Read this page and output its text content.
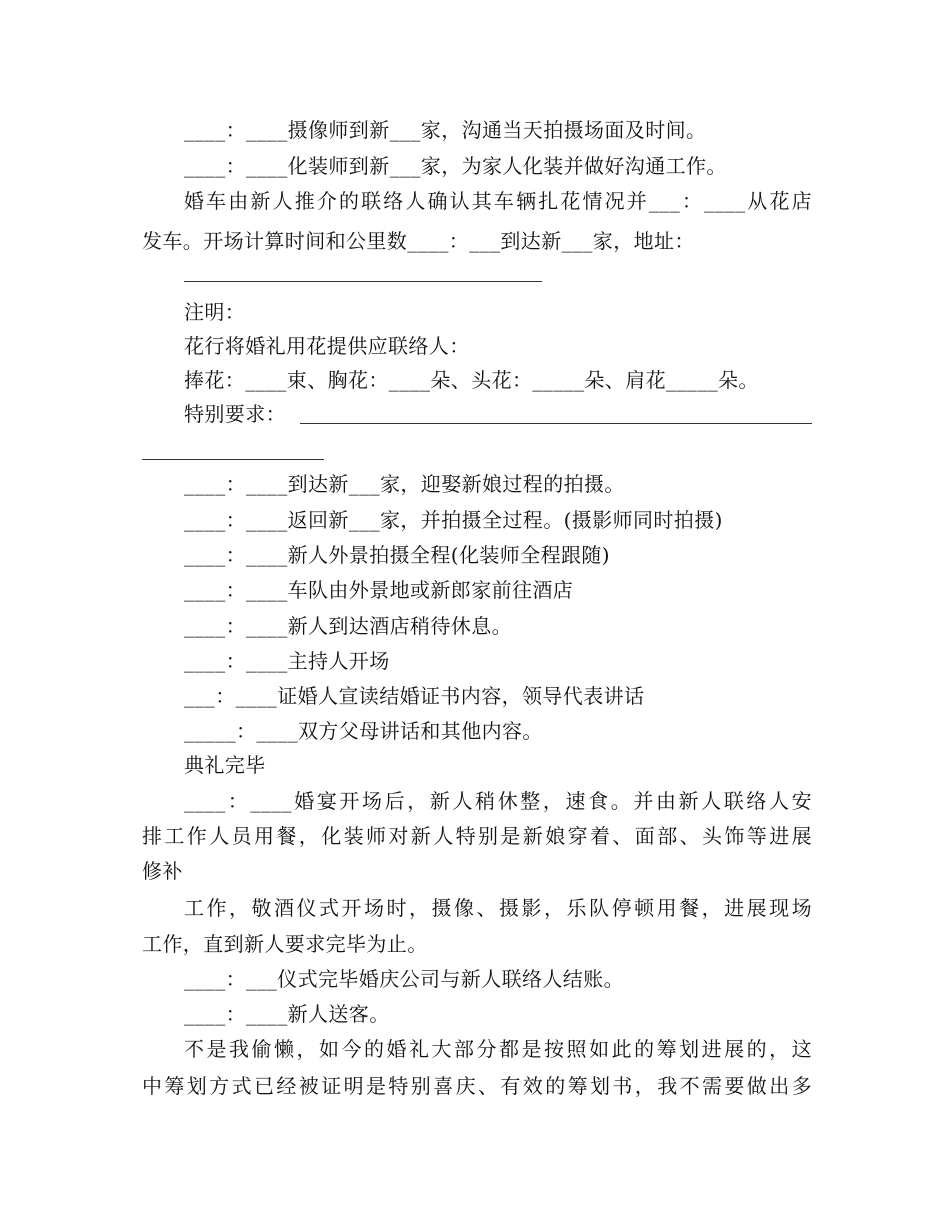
____：____摄像师到新___家，沟通当天拍摄场面及时间。
____：____化装师到新___家，为家人化装并做好沟通工作。
婚车由新人推介的联络人确认其车辆扎花情况并___：____从花店
发车。开场计算时间和公里数____：___到达新___家，地址：
注明：
花行将婚礼用花提供应联络人：
捧花：____束、胸花：____朵、头花：_____朵、肩花_____朵。
特别要求：
____：____到达新___家，迎娶新娘过程的拍摄。
____：____返回新___家，并拍摄全过程。(摄影师同时拍摄)
____：____新人外景拍摄全程(化装师全程跟随)
____：____车队由外景地或新郎家前往酒店
____：____新人到达酒店稍待休息。
____：____主持人开场
___：____证婚人宣读结婚证书内容，领导代表讲话
_____：____双方父母讲话和其他内容。
典礼完毕
____：____婚宴开场后，新人稍休整，速食。并由新人联络人安
排工作人员用餐，化装师对新人特别是新娘穿着、面部、头饰等进展
修补
工作，敬酒仪式开场时，摄像、摄影，乐队停顿用餐，进展现场
工作，直到新人要求完毕为止。
____：___仪式完毕婚庆公司与新人联络人结账。
____：____新人送客。
不是我偷懒，如今的婚礼大部分都是按照如此的筹划进展的，这
中筹划方式已经被证明是特别喜庆、有效的筹划书，我不需要做出多
